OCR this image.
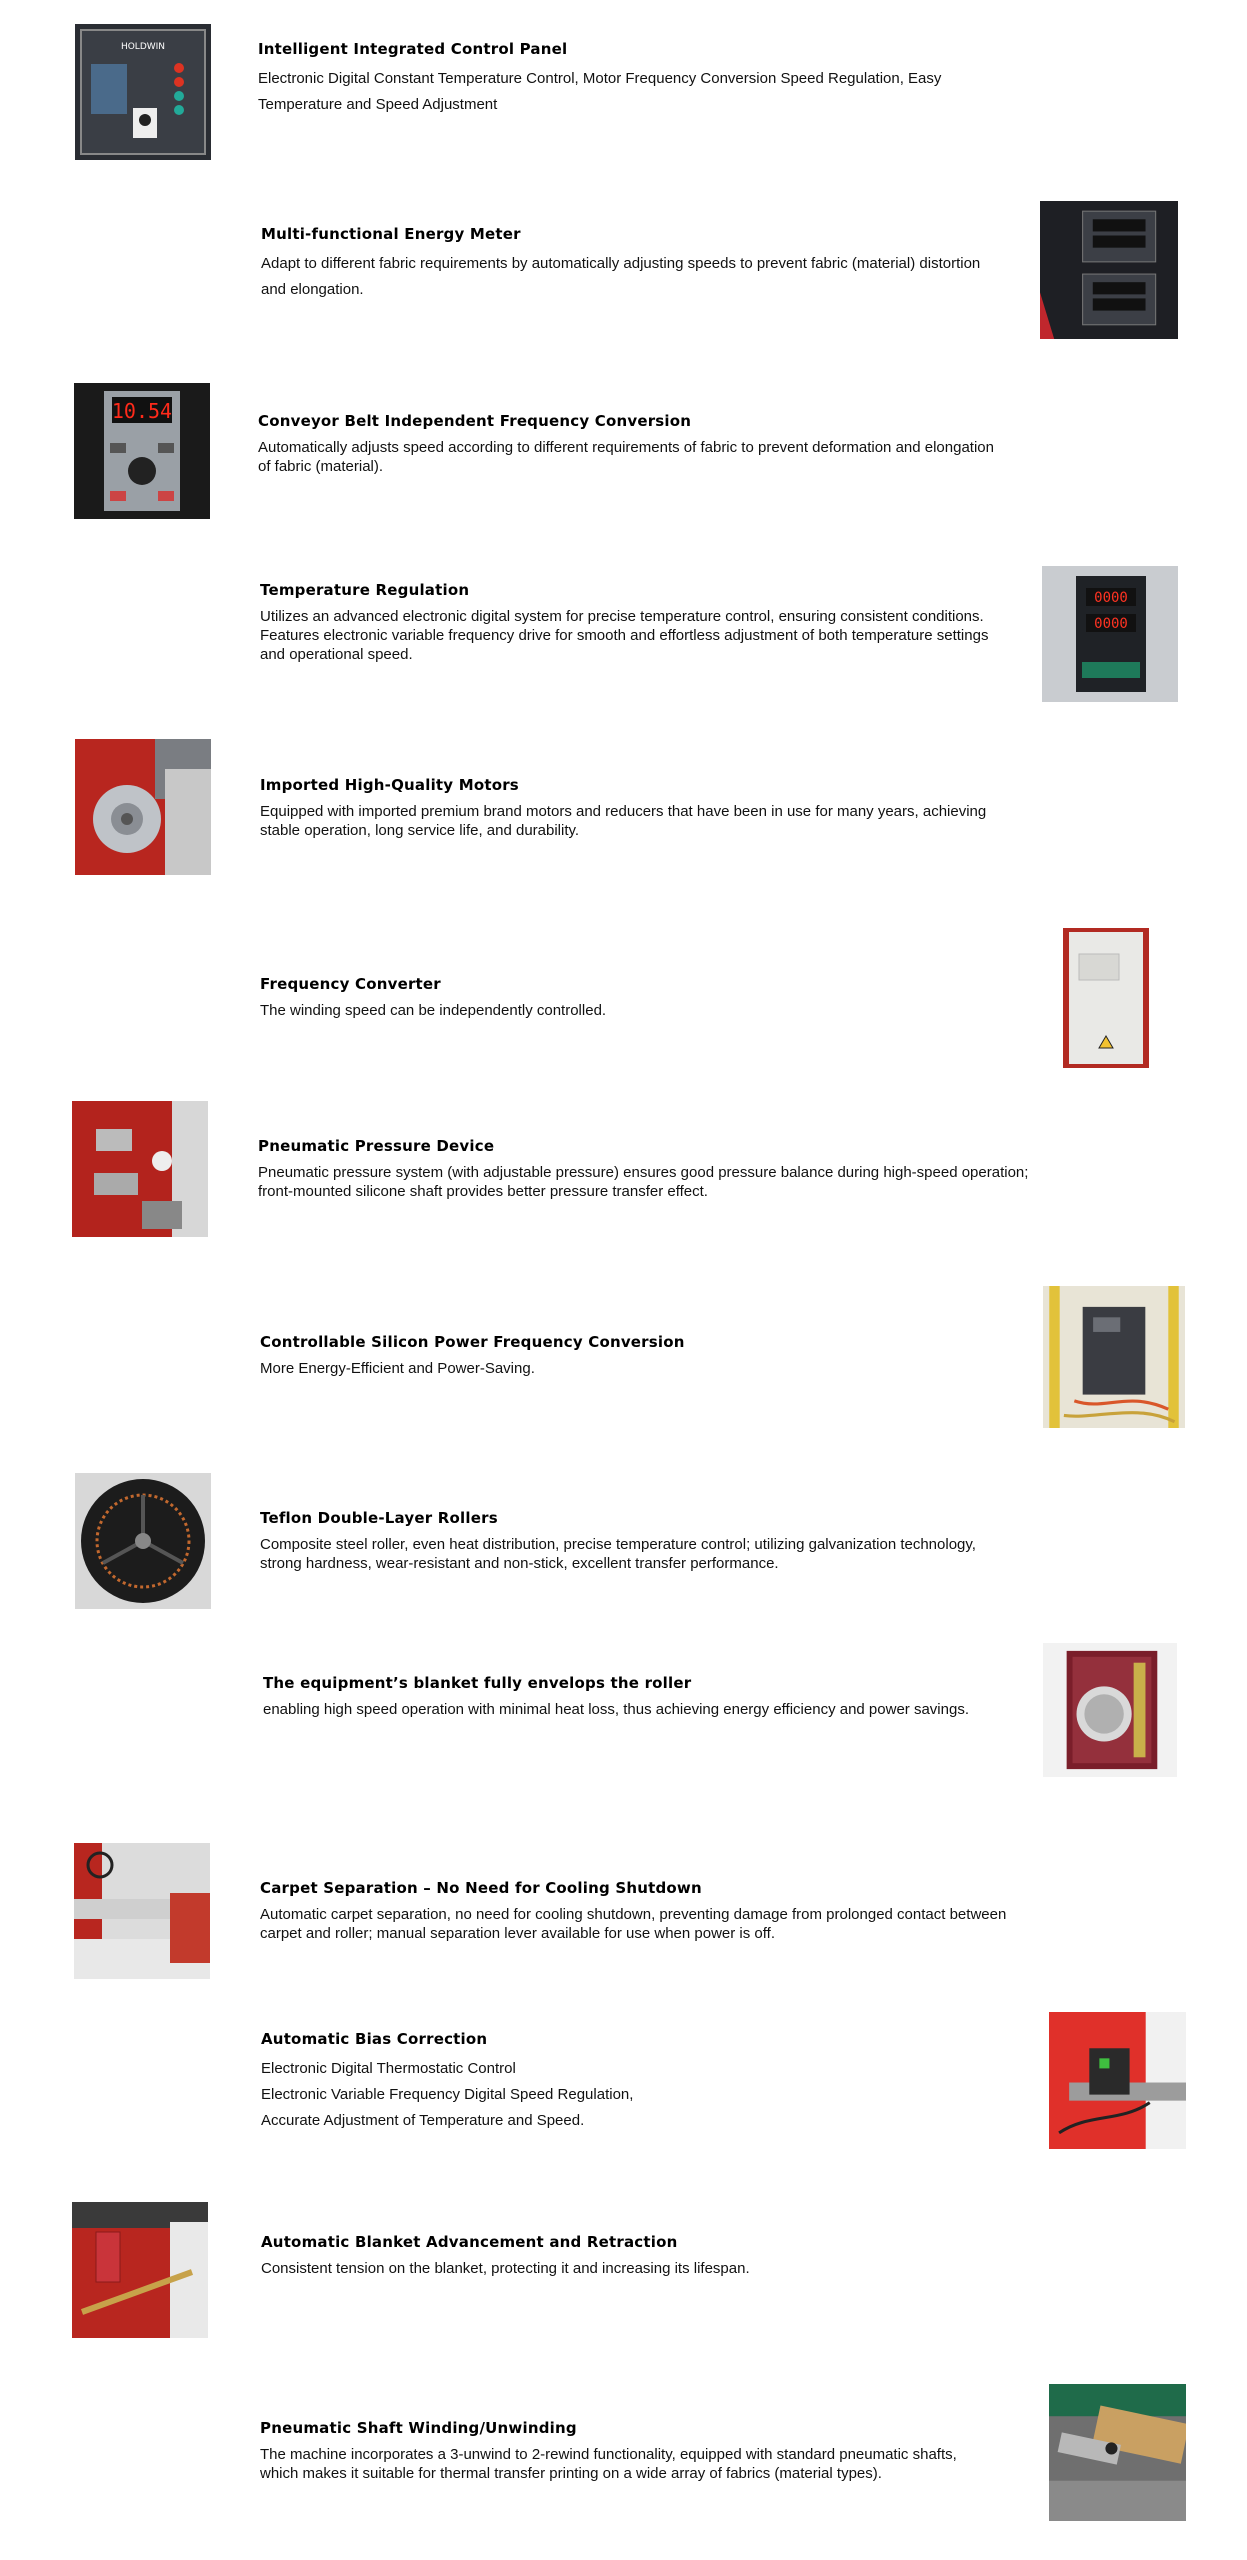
HOLDWIN	Intelligent Integrated Control Panel

Electronic Digital Constant Temperature Control, Motor Frequency Conversion Speed Regulation, Easy
Temperature and Speed Adjustment

Multi-functional Energy Meter

Adapt to different fabric requirements by automatically adjusting speeds to prevent fabric (material) distortion
and elongation.

10.54	Conveyor Belt Independent Frequency Conversion

Automatically adjusts speed according to different requirements of fabric to prevent deformation and elongation
of fabric (material).

Temperature Regulation

Utilizes an advanced electronic digital system for precise temperature control, ensuring consistent conditions.
Features electronic variable frequency drive for smooth and effortless adjustment of both temperature settings
and operational speed.

0000
0000
Imported High-Quality Motors

Equipped with imported premium brand motors and reducers that have been in use for many years, achieving
stable operation, long service life, and durability.

Frequency Converter

The winding speed can be independently controlled.

Pneumatic Pressure Device

Pneumatic pressure system (with adjustable pressure) ensures good pressure balance during high-speed operation;
front-mounted silicone shaft provides better pressure transfer effect.

Controllable Silicon Power Frequency Conversion

More Energy-Efficient and Power-Saving.

Teflon Double-Layer Rollers

Composite steel roller, even heat distribution, precise temperature control; utilizing galvanization technology,
strong hardness, wear-resistant and non-stick, excellent transfer performance.

The equipment’s blanket fully envelops the roller

enabling high speed operation with minimal heat loss, thus achieving energy efficiency and power savings.

Carpet Separation – No Need for Cooling Shutdown

Automatic carpet separation, no need for cooling shutdown, preventing damage from prolonged contact between
carpet and roller; manual separation lever available for use when power is off.

Automatic Bias Correction

Electronic Digital Thermostatic Control
Electronic Variable Frequency Digital Speed Regulation,
Accurate Adjustment of Temperature and Speed.

Automatic Blanket Advancement and Retraction

Consistent tension on the blanket, protecting it and increasing its lifespan.

Pneumatic Shaft Winding/Unwinding

The machine incorporates a 3-unwind to 2-rewind functionality, equipped with standard pneumatic shafts,
which makes it suitable for thermal transfer printing on a wide array of fabrics (material types).
